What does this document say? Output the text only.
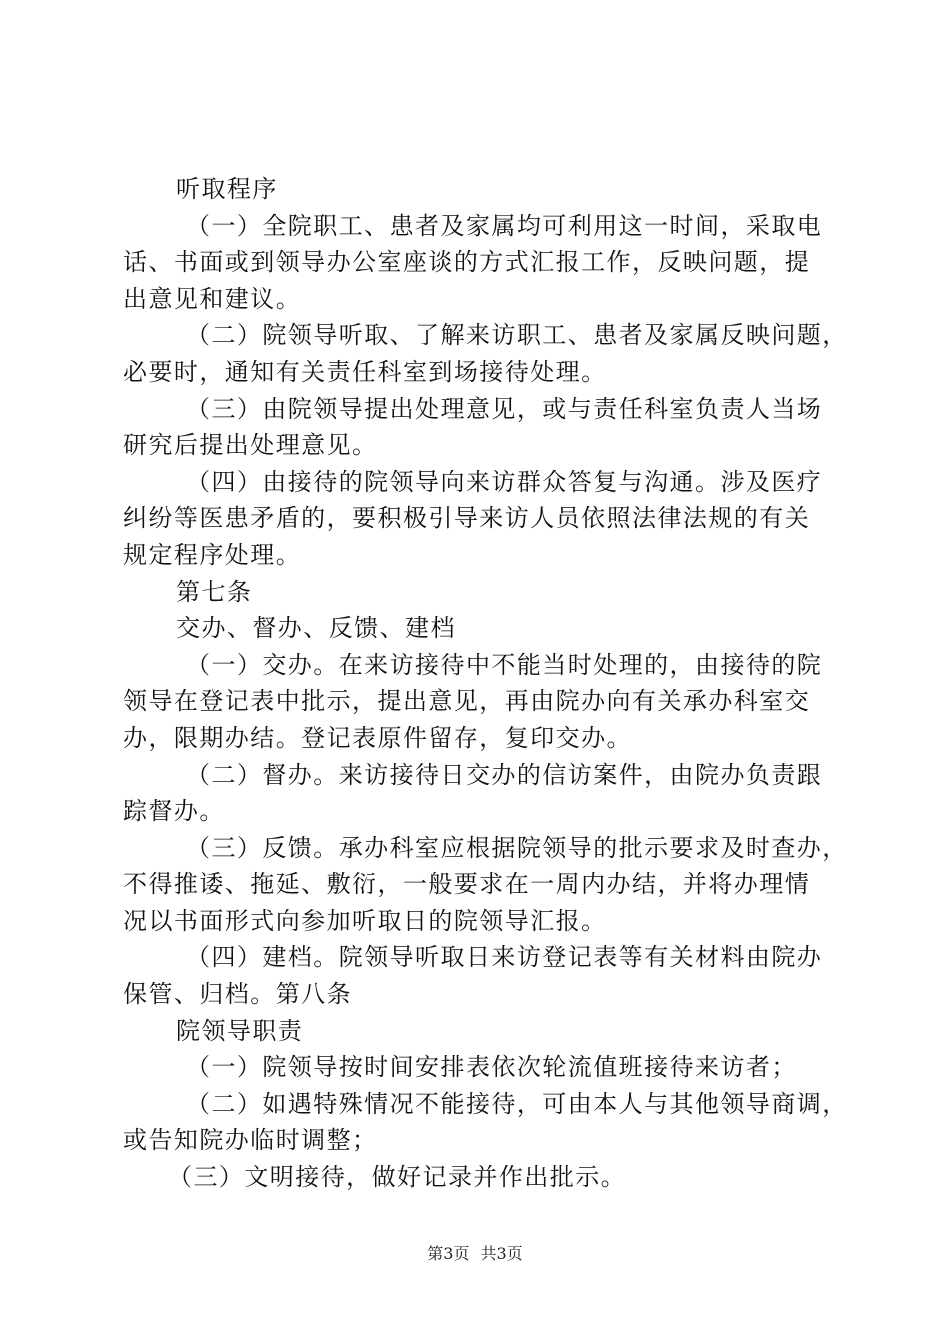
听取程序
（一）全院职工、患者及家属均可利用这一时间，采取电
话、书面或到领导办公室座谈的方式汇报工作，反映问题，提
出意见和建议。
（二）院领导听取、了解来访职工、患者及家属反映问题，
必要时，通知有关责任科室到场接待处理。
（三）由院领导提出处理意见，或与责任科室负责人当场
研究后提出处理意见。
（四）由接待的院领导向来访群众答复与沟通。涉及医疗
纠纷等医患矛盾的，要积极引导来访人员依照法律法规的有关
规定程序处理。
第七条
交办、督办、反馈、建档
（一）交办。在来访接待中不能当时处理的，由接待的院
领导在登记表中批示，提出意见，再由院办向有关承办科室交
办，限期办结。登记表原件留存，复印交办。
（二）督办。来访接待日交办的信访案件，由院办负责跟
踪督办。
（三）反馈。承办科室应根据院领导的批示要求及时查办，
不得推诿、拖延、敷衍，一般要求在一周内办结，并将办理情
况以书面形式向参加听取日的院领导汇报。
（四）建档。院领导听取日来访登记表等有关材料由院办
保管、归档。第八条
院领导职责
（一）院领导按时间安排表依次轮流值班接待来访者；
（二）如遇特殊情况不能接待，可由本人与其他领导商调，
或告知院办临时调整；
（三）文明接待，做好记录并作出批示。
第3页 共3页
